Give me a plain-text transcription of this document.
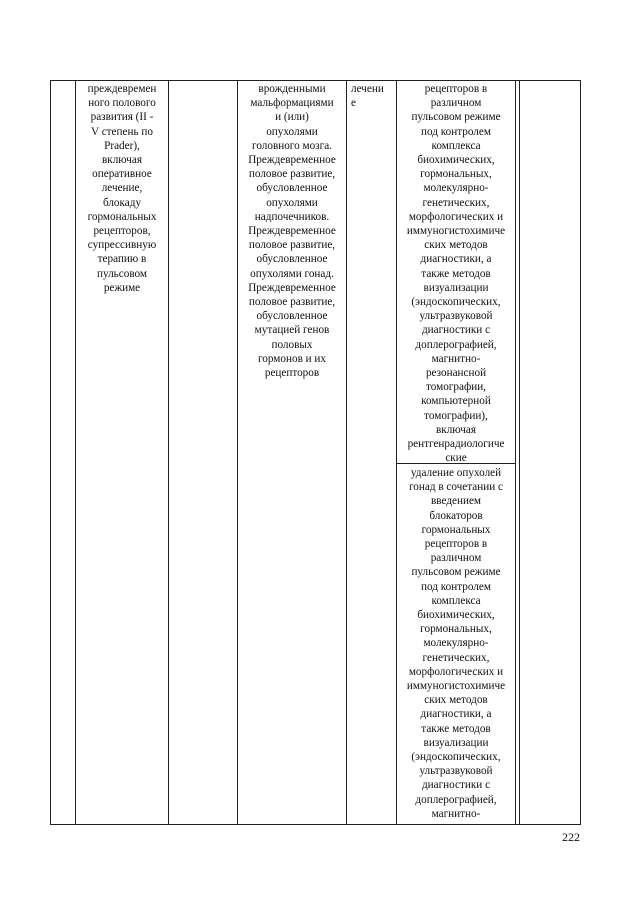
преждевремен
ного полового
развития (II -
V степень по
Prader),
включая
оперативное
лечение,
блокаду
гормональных
рецепторов,
супрессивную
терапию в
пульсовом
режиме
врожденными
мальформациями
и (или)
опухолями
головного мозга.
Преждевременное
половое развитие,
обусловленное
опухолями
надпочечников.
Преждевременное
половое развитие,
обусловленное
опухолями гонад.
Преждевременное
половое развитие,
обусловленное
мутацией генов
половых
гормонов и их
рецепторов
лечени
е
рецепторов в
различном
пульсовом режиме
под контролем
комплекса
биохимических,
гормональных,
молекулярно-
генетических,
морфологических и
иммуногистохимиче
ских методов
диагностики, а
также методов
визуализации
(эндоскопических,
ультразвуковой
диагностики с
доплерографией,
магнитно-
резонансной
томографии,
компьютерной
томографии),
включая
рентгенрадиологиче
ские
удаление опухолей
гонад в сочетании с
введением
блокаторов
гормональных
рецепторов в
различном
пульсовом режиме
под контролем
комплекса
биохимических,
гормональных,
молекулярно-
генетических,
морфологических и
иммуногистохимиче
ских методов
диагностики, а
также методов
визуализации
(эндоскопических,
ультразвуковой
диагностики с
доплерографией,
магнитно-
222
